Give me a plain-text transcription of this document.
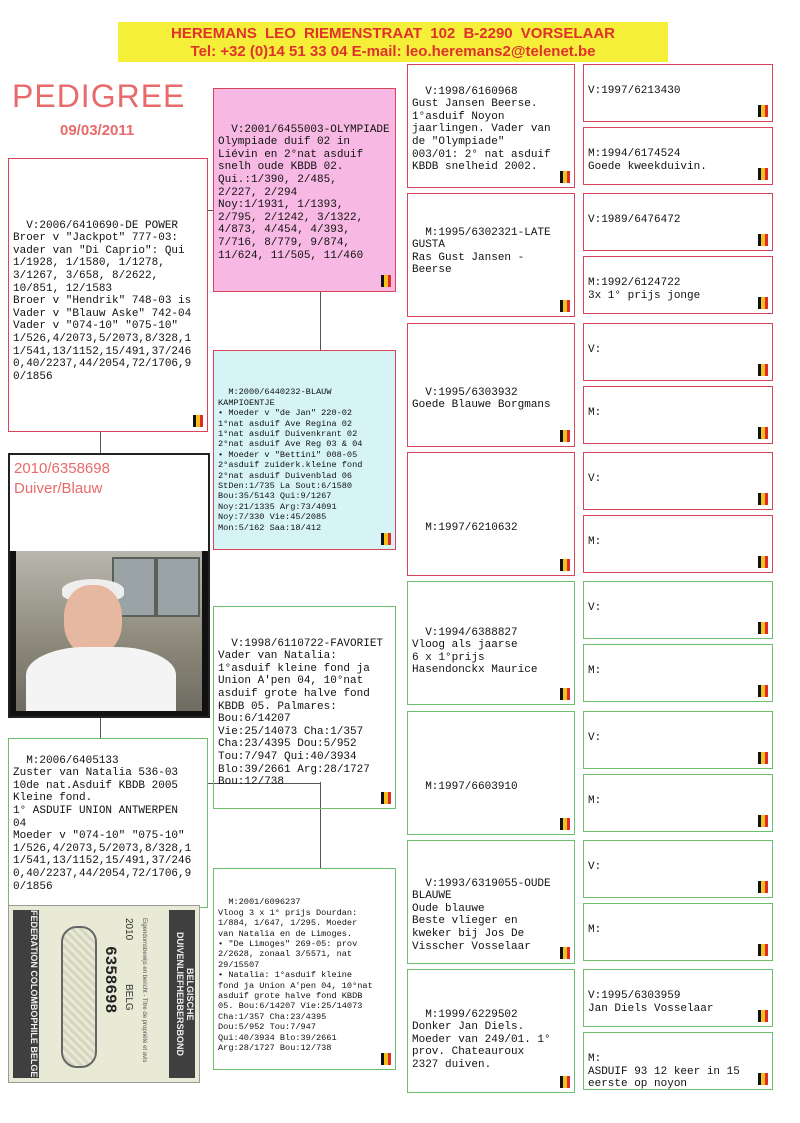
HEREMANS LEO RIEMENSTRAAT 102 B-2290 VORSELAAR
Tel: +32 (0)14 51 33 04 E-mail: leo.heremans2@telenet.be
PEDIGREE
09/03/2011

V:2006/6410690-DE POWER
Broer v "Jackpot" 777-03:
vader van "Di Caprio": Qui
1/1928, 1/1580, 1/1278,
3/1267, 3/658, 8/2622,
10/851, 12/1583
Broer v "Hendrik" 748-03 is
Vader v "Blauw Aske" 742-04
Vader v "074-10" "075-10"
1/526,4/2073,5/2073,8/328,1
1/541,13/1152,15/491,37/246
0,40/2237,44/2054,72/1706,9
0/1856

2010/6358698
Duiver/Blauw

M:2006/6405133
Zuster van Natalia 536-03
10de nat.Asduif KBDB 2005
Kleine fond.
1° ASDUIF UNION ANTWERPEN
04
Moeder v "074-10" "075-10"
1/526,4/2073,5/2073,8/328,1
1/541,13/1152,15/491,37/246
0,40/2237,44/2054,72/1706,9
0/1856

FEDERATION COLOMBOPHILE BELGE	6358698
2010
BELG Eigendomsbewijs en bericht - Titre de propriété et avis	BELGISCHE DUIVENLIEFHEBBERSBOND

V:2001/6455003-OLYMPIADE
Olympiade duif 02 in
Liévin en 2°nat asduif
snelh oude KBDB 02.
Qui.:1/390, 2/485,
2/227, 2/294
Noy:1/1931, 1/1393,
2/795, 2/1242, 3/1322,
4/873, 4/454, 4/393,
7/716, 8/779, 9/874,
11/624, 11/505, 11/460

M:2000/6440232-BLAUW
KAMPIOENTJE
• Moeder v "de Jan" 220-02
1°nat asduif Ave Regina 02
1°nat asduif Duivenkrant 02
2°nat asduif Ave Reg 03 & 04
• Moeder v "Bettini" 008-05
2°asduif zuiderk.kleine fond
2°nat asduif Duivenblad 06
StDen:1/735 La Sout:6/1580
Bou:35/5143 Qui:9/1267
Noy:21/1335 Arg:73/4091
Noy:7/330 Vie:45/2085
Mon:5/162 Saa:18/412

V:1998/6110722-FAVORIET
Vader van Natalia:
1°asduif kleine fond ja
Union A'pen 04, 10°nat
asduif grote halve fond
KBDB 05. Palmares:
Bou:6/14207
Vie:25/14073 Cha:1/357
Cha:23/4395 Dou:5/952
Tou:7/947 Qui:40/3934
Blo:39/2661 Arg:28/1727
Bou:12/738

M:2001/6096237
Vloog 3 x 1° prijs Dourdan:
1/884, 1/647, 1/295. Moeder
van Natalia en de Limoges.
• "De Limoges" 269-05: prov
2/2628, zonaal 3/5571, nat
29/15507
• Natalia: 1°asduif kleine
fond ja Union A'pen 04, 10°nat
asduif grote halve fond KBDB
05. Bou:6/14207 Vie:25/14073
Cha:1/357 Cha:23/4395
Dou:5/952 Tou:7/947
Qui:40/3934 Blo:39/2661
Arg:28/1727 Bou:12/738

V:1998/6160968
Gust Jansen Beerse.
1°asduif Noyon
jaarlingen. Vader van
de "Olympiade"
003/01: 2° nat asduif
KBDB snelheid 2002.

M:1995/6302321-LATE
GUSTA
Ras Gust Jansen -
Beerse

V:1995/6303932
Goede Blauwe Borgmans

M:1997/6210632

V:1994/6388827
Vloog als jaarse
6 x 1°prijs
Hasendonckx Maurice

M:1997/6603910

V:1993/6319055-OUDE
BLAUWE
Oude blauwe
Beste vlieger en
kweker bij Jos De
Visscher Vosselaar

M:1999/6229502
Donker Jan Diels.
Moeder van 249/01. 1°
prov. Chateauroux
2327 duiven.

V:1997/6213430
M:1994/6174524
Goede kweekduivin.
V:1989/6476472
M:1992/6124722
3x 1° prijs jonge
V:
M:
V:
M:
V:
M:
V:
M:
V:
M:
V:1995/6303959
Jan Diels Vosselaar
M:
ASDUIF 93 12 keer in 15
eerste op noyon
